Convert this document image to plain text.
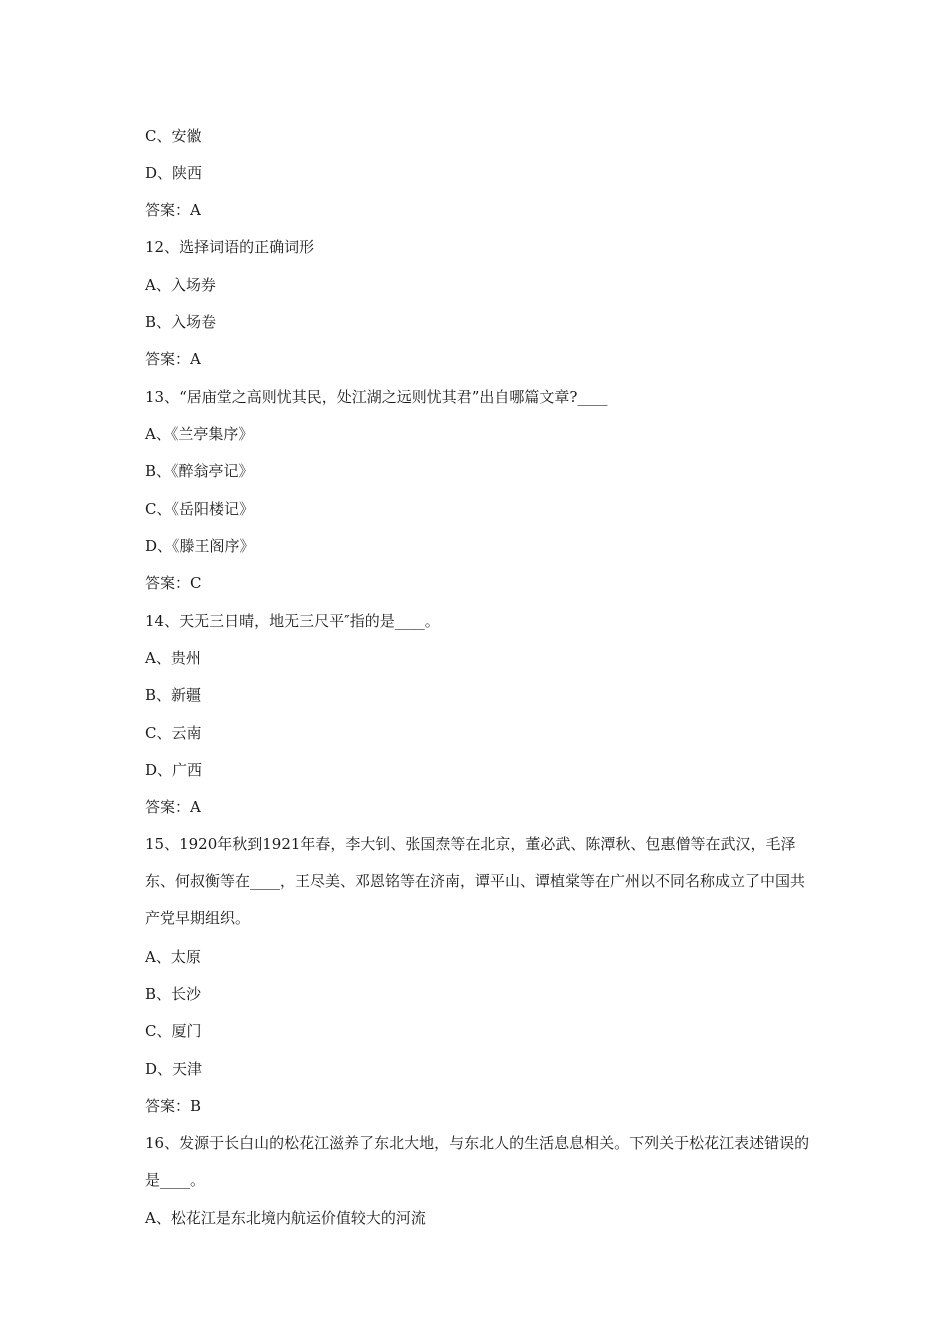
C、安徽
D、陕西
答案：A
12、选择词语的正确词形
A、入场券
B、入场卷
答案：A
13、“居庙堂之高则忧其民，处江湖之远则忧其君”出自哪篇文章?____
A、《兰亭集序》
B、《醉翁亭记》
C、《岳阳楼记》
D、《滕王阁序》
答案：C
14、天无三日晴，地无三尺平″指的是____。
A、贵州
B、新疆
C、云南
D、广西
答案：A
15、1920年秋到1921年春，李大钊、张国焘等在北京，董必武、陈潭秋、包惠僧等在武汉，毛泽东、何叔衡等在____，王尽美、邓恩铭等在济南，谭平山、谭植棠等在广州以不同名称成立了中国共产党早期组织。
A、太原
B、长沙
C、厦门
D、天津
答案：B
16、发源于长白山的松花江滋养了东北大地，与东北人的生活息息相关。下列关于松花江表述错误的是____。
A、松花江是东北境内航运价值较大的河流
